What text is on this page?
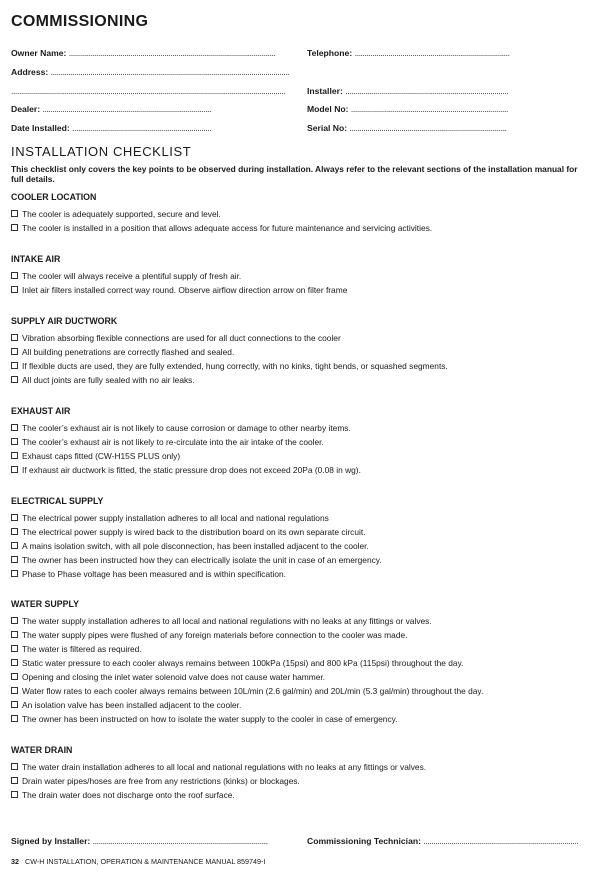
COMMISSIONING
Owner Name: ........................................................................................................
Address: ........................................................................................................................
..........................................................................................................................................
Dealer: .....................................................................................
Date Installed: ......................................................................
Telephone: ..............................................................................
Installer: ..................................................................................
Model No: ...............................................................................
Serial No: ...............................................................................
INSTALLATION CHECKLIST
This checklist only covers the key points to be observed during installation. Always refer to the relevant sections of the installation manual for full details.
COOLER LOCATION
The cooler is adequately supported, secure and level.
The cooler is installed in a position that allows adequate access for future maintenance and servicing activities.
INTAKE AIR
The cooler will always receive a plentiful supply of fresh air.
Inlet air filters installed correct way round. Observe airflow direction arrow on filter frame
SUPPLY AIR DUCTWORK
Vibration absorbing flexible connections are used for all duct connections to the cooler
All building penetrations are correctly flashed and sealed.
If flexible ducts are used, they are fully extended, hung correctly, with no kinks, tight bends, or squashed segments.
All duct joints are fully sealed with no air leaks.
EXHAUST AIR
The cooler’s exhaust air is not likely to cause corrosion or damage to other nearby items.
The cooler’s exhaust air is not likely to re-circulate into the air intake of the cooler.
Exhaust caps fitted (CW-H15S PLUS only)
If exhaust air ductwork is fitted, the static pressure drop does not exceed 20Pa (0.08 in wg).
ELECTRICAL SUPPLY
The electrical power supply installation adheres to all local and national regulations
The electrical power supply is wired back to the distribution board on its own separate circuit.
A mains isolation switch, with all pole disconnection, has been installed adjacent to the cooler.
The owner has been instructed how they can electrically isolate the unit in case of an emergency.
Phase to Phase voltage has been measured and is within specification.
WATER SUPPLY
The water supply installation adheres to all local and national regulations with no leaks at any fittings or valves.
The water supply pipes were flushed of any foreign materials before connection to the cooler was made.
The water is filtered as required.
Static water pressure to each cooler always remains between 100kPa (15psi) and 800 kPa (115psi) throughout the day.
Opening and closing the inlet water solenoid valve does not cause water hammer.
Water flow rates to each cooler always remains between 10L/min (2.6 gal/min) and 20L/min (5.3 gal/min) throughout the day.
An isolation valve has been installed adjacent to the cooler.
The owner has been instructed on how to isolate the water supply to the cooler in case of emergency.
WATER DRAIN
The water drain installation adheres to all local and national regulations with no leaks at any fittings or valves.
Drain water pipes/hoses are free from any restrictions (kinks) or blockages.
The drain water does not discharge onto the roof surface.
Signed by Installer: ........................................................................................	Commissioning Technician: ..............................................................................
32 CW-H INSTALLATION, OPERATION & MAINTENANCE MANUAL 859749-I
